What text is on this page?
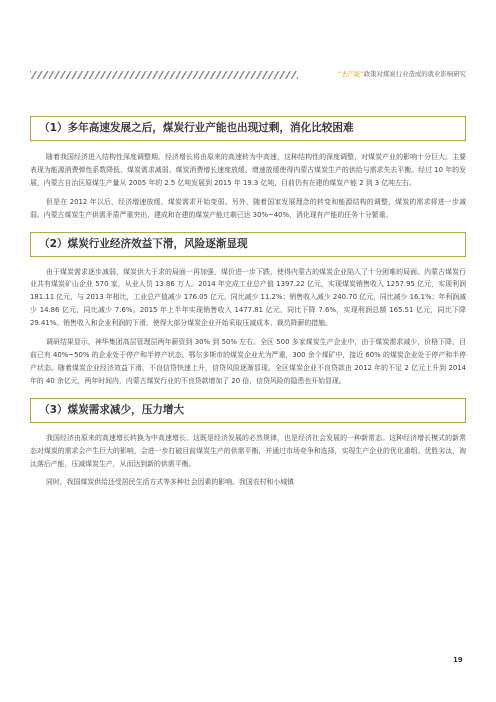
“去产能”政策对煤炭行业造成的就业影响研究
（1）多年高速发展之后，煤炭行业产能也出现过剩，消化比较困难

随着我国经济进入结构性深度调整期，经济增长将由原来的高速转为中高速，这种结构性的深度调整，对煤炭产业的影响十分巨大。主要表现为能源消费弹性系数降低、煤炭需求减弱、煤炭消费增长速度放缓。增速放缓使得内蒙古煤炭生产的供给与需求失去平衡。经过 10 年的发展，内蒙古自治区原煤生产量从 2005 年的 2.5 亿吨发展到 2015 年 19.3 亿吨，目前仍有在建的煤炭产能 2 到 3 亿吨左右。

但是在 2012 年以后，经济增速放缓，煤炭需求开始变弱。另外，随着国家发展理念的转变和能源结构的调整，煤炭的需求将进一步减弱。内蒙古煤炭生产供需矛盾严重突出，建成和在建的煤炭产能过剩已达 30%~40%，消化现有产能的任务十分繁重。

（2）煤炭行业经济效益下滑，风险逐渐显现

由于煤炭需求逐步减弱，煤炭供大于求的局面一再加强，煤价进一步下跌，使得内蒙古的煤炭企业陷入了十分困难的局面。内蒙古煤炭行业共有煤炭矿山企业 570 家，从业人员 13.86 万人。2014 年完成工业总产值 1397.22 亿元，实现煤炭销售收入 1257.95 亿元，实现利润 181.11 亿元，与 2013 年相比，工业总产值减少 176.05 亿元，同比减少 11.2%；销售收入减少 240.70 亿元，同比减少 16.1%；年利润减少 14.86 亿元，同比减少 7.6%。2015 年上半年实现销售收入 1477.81 亿元，同比下降 7.6%，实现利润总额 165.51 亿元，同比下降 29.41%。销售收入和企业利润的下滑，使得大部分煤炭企业开始采取压减成本、裁员降薪的措施。

调研结果显示，神华集团高层管理层两年薪资到 30% 到 50% 左右。全区 500 多家煤炭生产企业中，由于煤炭需求减少，价格下降，目前已有 40%~50% 的企业处于停产和半停产状态。鄂尔多斯市的煤炭企业尤为严重，300 余个煤矿中，接近 60% 的煤炭企业处于停产和半停产状态。随着煤炭企业经济效益下滑，不良信贷快速上升，信贷风险逐渐显现。全区煤炭企业不良贷款由 2012 年的不足 2 亿元上升到 2014 年的 40 余亿元，两年时间内，内蒙古煤炭行业的不良贷款增加了 20 倍，信贷风险的隐患也开始显现。

（3）煤炭需求减少，压力增大

我国经济由原来的高速增长转换为中高速增长，这既是经济发展的必然规律，也是经济社会发展的一种新常态。这种经济增长模式的新常态对煤炭的需求会产生巨大的影响，会进一步打破目前煤炭生产的供需平衡，并通过市场竞争和选择，实现生产企业的优化重组、优胜劣汰，淘汰落后产能，压减煤炭生产，从而达到新的供需平衡。

同时，我国煤炭供给还受居民生活方式等多种社会因素的影响。我国农村和小城镇

19
